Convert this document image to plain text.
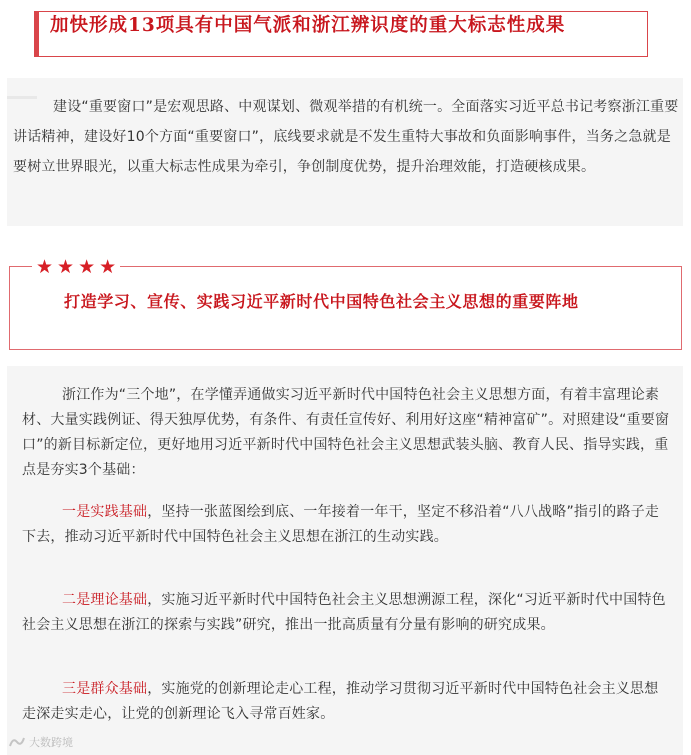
加快形成13项具有中国气派和浙江辨识度的重大标志性成果
建设“重要窗口”是宏观思路、中观谋划、微观举措的有机统一。全面落实习近平总书记考察浙江重要讲话精神，建设好10个方面“重要窗口”，底线要求就是不发生重特大事故和负面影响事件，当务之急就是要树立世界眼光，以重大标志性成果为牵引，争创制度优势，提升治理效能，打造硬核成果。
★ ★ ★ ★
打造学习、宣传、实践习近平新时代中国特色社会主义思想的重要阵地
浙江作为“三个地”，在学懂弄通做实习近平新时代中国特色社会主义思想方面，有着丰富理论素材、大量实践例证、得天独厚优势，有条件、有责任宣传好、利用好这座“精神富矿”。对照建设“重要窗口”的新目标新定位，更好地用习近平新时代中国特色社会主义思想武装头脑、教育人民、指导实践，重点是夯实3个基础：
一是实践基础，坚持一张蓝图绘到底、一年接着一年干，坚定不移沿着“八八战略”指引的路子走下去，推动习近平新时代中国特色社会主义思想在浙江的生动实践。
二是理论基础，实施习近平新时代中国特色社会主义思想溯源工程，深化“习近平新时代中国特色社会主义思想在浙江的探索与实践”研究，推出一批高质量有分量有影响的研究成果。
三是群众基础，实施党的创新理论走心工程，推动学习贯彻习近平新时代中国特色社会主义思想走深走实走心，让党的创新理论飞入寻常百姓家。
大数跨境
